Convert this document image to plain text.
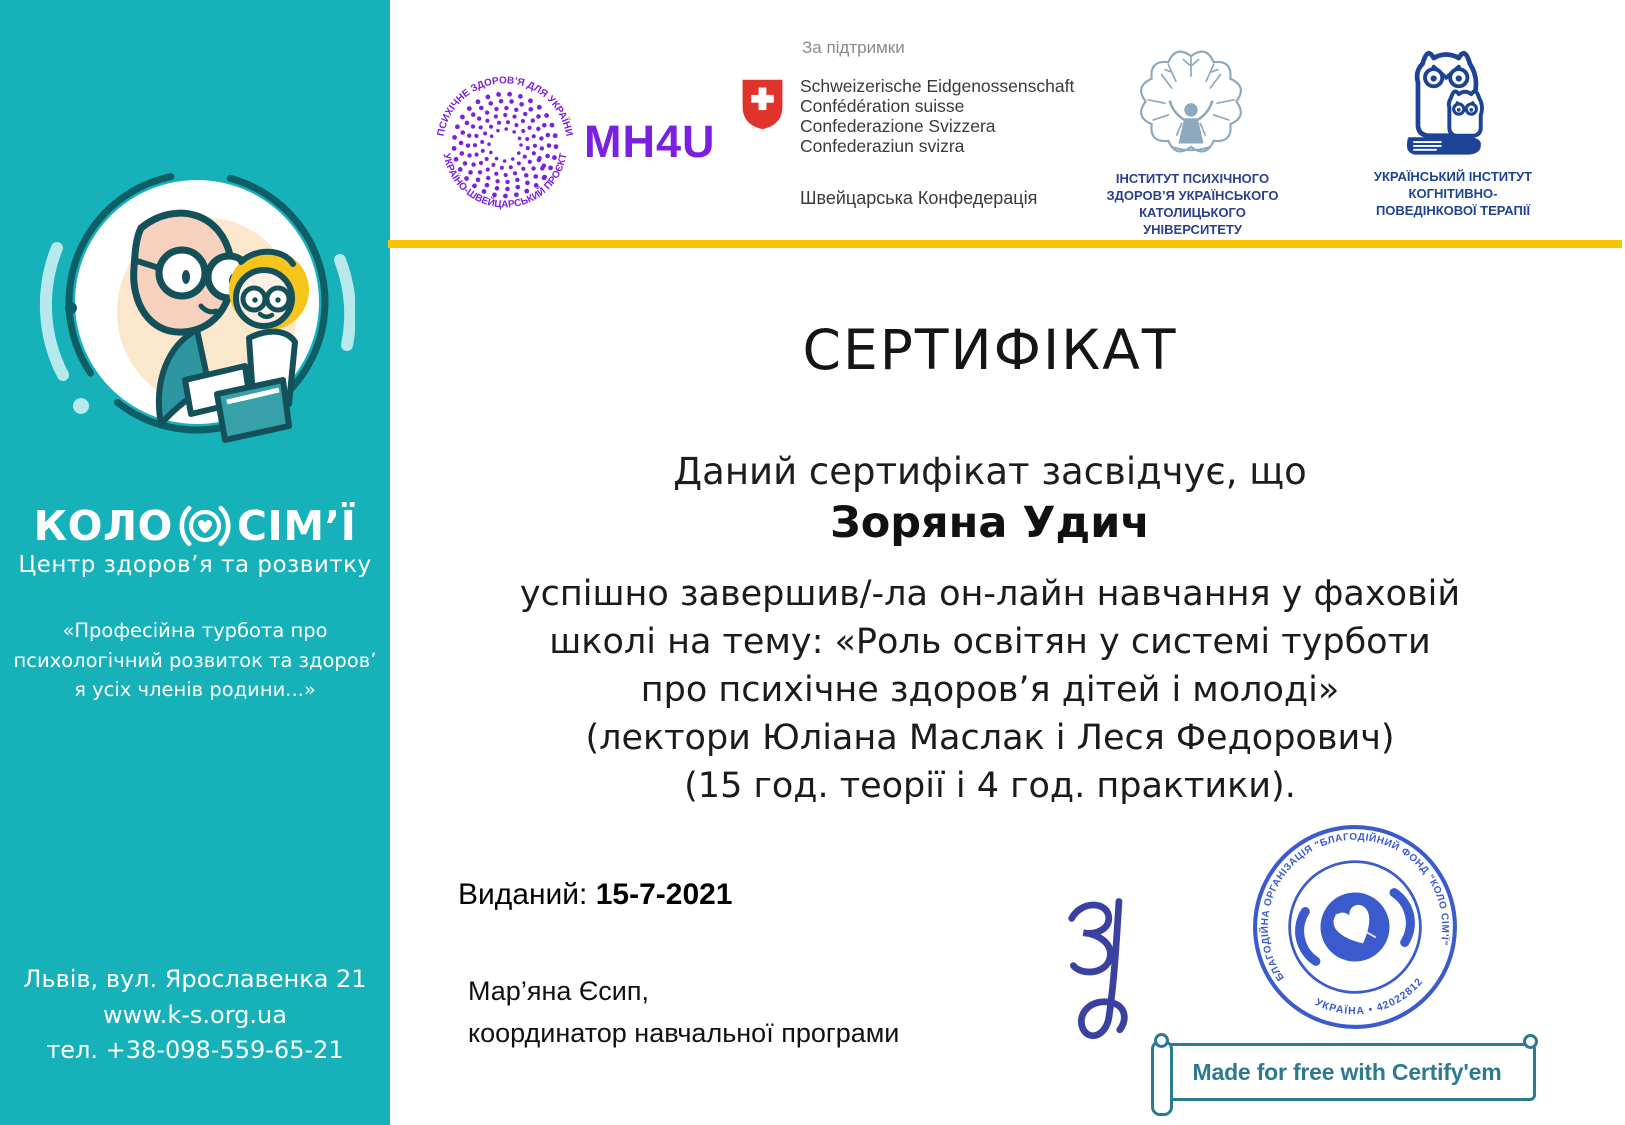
КОЛО СІМ’Ї
Центр здоров’я та розвитку
«Професійна турбота про
психологічний розвиток та здоров’
я усіх членів родини...»
Львів, вул. Ярославенка 21
www.k-s.org.ua
тел. +38-098-559-65-21
За підтримки
ПСИХІЧНЕ ЗДОРОВ’Я ДЛЯ УКРАЇНИ
УКРАЇНО-ШВЕЙЦАРСЬКИЙ ПРОЄКТ MH4U
Schweizerische Eidgenossenschaft
Confédération suisse
Confederazione Svizzera
Confederaziun svizra
Швейцарська Конфедерація
ІНСТИТУТ ПСИХІЧНОГО
ЗДОРОВ’Я УКРАЇНСЬКОГО
КАТОЛИЦЬКОГО
УНІВЕРСИТЕТУ
УКРАЇНСЬКИЙ ІНСТИТУТ
КОГНІТИВНО-
ПОВЕДІНКОВОЇ ТЕРАПІЇ
СЕРТИФІКАТ
Даний сертифікат засвідчує, що
Зоряна Удич
успішно завершив/-ла он-лайн навчання у фаховій
школі на тему: «Роль освітян у системі турботи
про психічне здоров’я дітей і молоді»
(лектори Юліана Маслак і Леся Федорович)
(15 год. теорії і 4 год. практики).
Виданий: 15-7-2021
Мар’яна Єсип,
координатор навчальної програми
БЛАГОДІЙНА ОРГАНІЗАЦІЯ "БЛАГОДІЙНИЙ ФОНД "КОЛО СІМ'Ї"
УКРАЇНА • 42022812
Made for free with Certify'em
